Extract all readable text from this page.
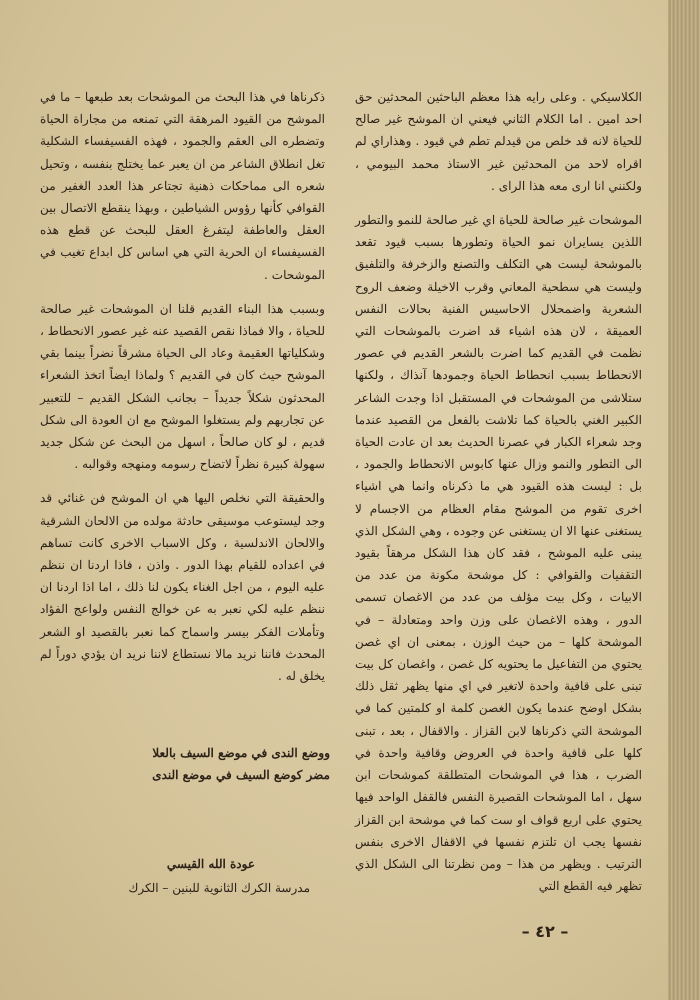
الكلاسيكي . وعلى رايه هذا معظم الباحثين المحدثين حق احد امين . اما الكلام الثاني فيعني ان الموشح غير صالح للحياة لانه قد خلص من قيدلم تطم في قيود . وهذاراي لم اقراه لاحد من المحدثين غير الاستاذ محمد البيومي ، ولكنني انا ارى معه هذا الراى .

الموشحات غير صالحة للحياة اي غير صالحة للنمو والتطور اللذين يسايران نمو الحياة وتطورها بسبب قيود تقعد بالموشحة ليست هي التكلف والتصنع والزخرفة والتلفيق وليست هي سطحية المعاني وقرب الاخيلة وضعف الروح الشعرية واضمحلال الاحاسيس الفنية بحالات النفس العميقة ، لان هذه اشياء قد اضرت بالموشحات التي نظمت في القديم كما اضرت بالشعر القديم في عصور الانحطاط بسبب انحطاط الحياة وجمودها آنذاك ، ولكنها ستلاشى من الموشحات في المستقبل اذا وجدت الشاعر الكبير الغني بالحياة كما تلاشت بالفعل من القصيد عندما وجد شعراء الكبار في عصرنا الحديث بعد ان عادت الحياة الى التطور والنمو وزال عنها كابوس الانحطاط والجمود ، بل : ليست هذه القيود هي ما ذكرناه وانما هي اشياء اخرى تقوم من الموشح مقام العظام من الاجسام لا يستغنى عنها الا ان يستغنى عن وجوده ، وهي الشكل الذي يبنى عليه الموشح ، فقد كان هذا الشكل مرهقاً بقيود التقفيات والقوافي : كل موشحة مكونة من عدد من الابيات ، وكل بيت مؤلف من عدد من الاغصان تسمى الدور ، وهذه الاغصان على وزن واحد ومتعادلة – في الموشحة كلها – من حيث الوزن ، بمعنى ان اي غصن يحتوي من التفاعيل ما يحتويه كل غصن ، واغصان كل بيت تبنى على قافية واحدة لاتغير في اي منها يظهر ثقل ذلك بشكل اوضح عندما يكون الغصن كلمة او كلمتين كما في الموشحة التي ذكرناها لابن القزاز . والاقفال ، بعد ، تبنى كلها على قافية واحدة في العروض وقافية واحدة في الضرب ، هذا في الموشحات المتطلقة كموشحات ابن سهل ، اما الموشحات القصيرة النفس فالقفل الواحد فيها يحتوي على اربع قواف او ست كما في موشحة ابن القزاز نفسها يجب ان تلتزم نفسها في الاقفال الاخرى بنفس الترتيب . ويظهر من هذا – ومن نظرتنا الى الشكل الذي تظهر فيه القطع التي

ذكرناها في هذا البحث من الموشحات بعد طبعها – ما في الموشح من القيود المرهقة التي تمنعه من مجاراة الحياة وتضطره الى العقم والجمود ، فهذه الفسيفساء الشكلية تغل انطلاق الشاعر من ان يعبر عما يختلج بنفسه ، وتحيل شعره الى مماحكات ذهنية تجتاعر هذا العدد الغفير من القوافي كأنها رؤوس الشياطين ، وبهذا ينقطع الاتصال بين العقل والعاطفة ليتفرغ العقل للبحث عن قطع هذه الفسيفساء ان الحرية التي هي اساس كل ابداع تغيب في الموشحات .

وبسبب هذا البناء القديم قلنا ان الموشحات غير صالحة للحياة ، والا فماذا نقص القصيد عنه غير عصور الانحطاط ، وشكلياتها العقيمة وعاد الى الحياة مشرقاً نضراً بينما بقي الموشح حيث كان في القديم ؟ ولماذا ايضاً اتخذ الشعراء المحدثون شكلاً جديداً – بجانب الشكل القديم – للتعبير عن تجاربهم ولم يستغلوا الموشح مع ان العودة الى شكل قديم ، لو كان صالحاً ، اسهل من البحث عن شكل جديد سهولة كبيرة نظراً لاتضاح رسومه ومنهجه وقوالبه .

والحقيقة التي نخلص اليها هي ان الموشح فن غنائي قد وجد ليستوعب موسيقى حادثة مولده من الالحان الشرقية والالحان الاندلسية ، وكل الاسباب الاخرى كانت تساهم في اعداده للقيام بهذا الدور . واذن ، فاذا اردنا ان ننظم عليه اليوم ، من اجل الغناء يكون لنا ذلك ، اما اذا اردنا ان ننظم عليه لكي نعبر به عن خوالج النفس ولواعج الفؤاد وتأملات الفكر بيسر واسماح كما نعبر بالقصيد او الشعر المحدث فاننا نريد مالا نستطاع لاننا نريد ان يؤدي دوراً لم يخلق له .

ووضع الندى في موضع السيف بالعلا
مضر كوضع السيف في موضع الندى
عودة الله القيسي
مدرسة الكرك الثانوية للبنين – الكرك
– ٤٢ –
